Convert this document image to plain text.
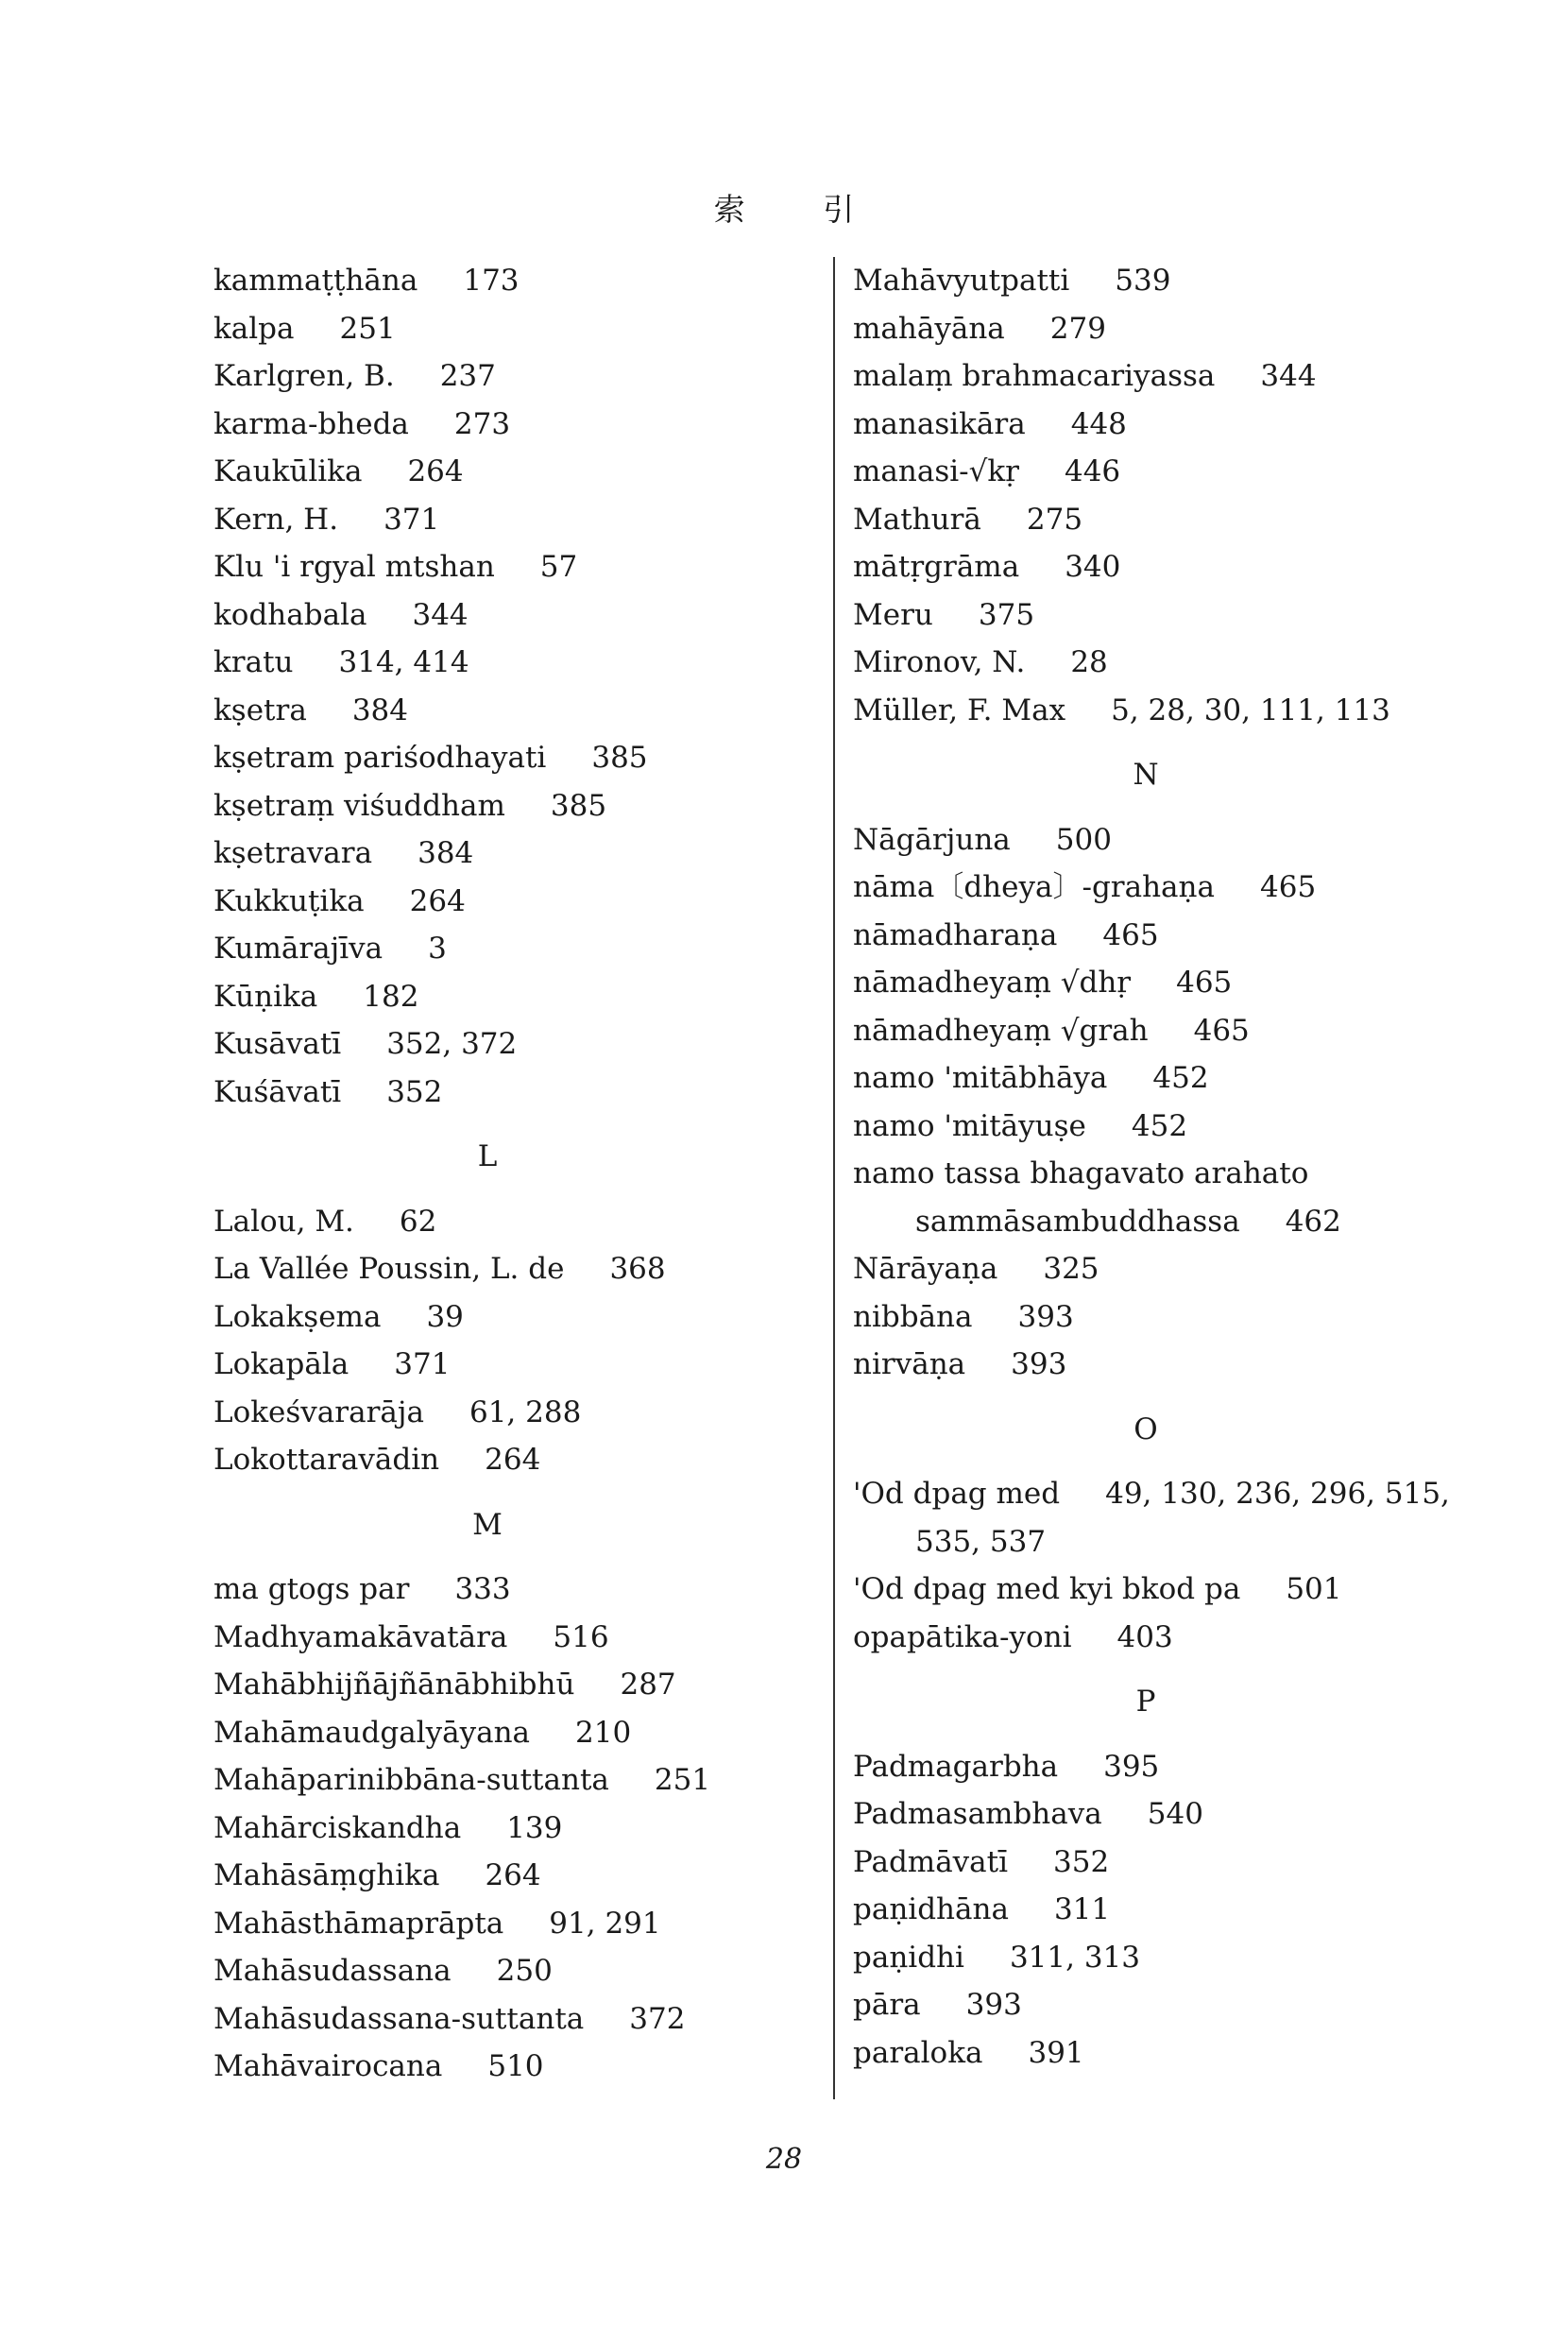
索	引
kammaṭṭhāna 173
kalpa 251
Karlgren, B. 237
karma-bheda 273
Kaukūlika 264
Kern, H. 371
Klu 'i rgyal mtshan 57
kodhabala 344
kratu 314, 414
kṣetra 384
kṣetram pariśodhayati 385
kṣetraṃ viśuddham 385
kṣetravara 384
Kukkuṭika 264
Kumārajīva 3
Kūṇika 182
Kusāvatī 352, 372
Kuśāvatī 352
L
Lalou, M. 62
La Vallée Poussin, L. de 368
Lokakṣema 39
Lokapāla 371
Lokeśvararāja 61, 288
Lokottaravādin 264
M
ma gtogs par 333
Madhyamakāvatāra 516
Mahābhijñājñānābhibhū 287
Mahāmaudgalyāyana 210
Mahāparinibbāna-suttanta 251
Mahārciskandha 139
Mahāsāṃghika 264
Mahāsthāmaprāpta 91, 291
Mahāsudassana 250
Mahāsudassana-suttanta 372
Mahāvairocana 510
Mahāvyutpatti 539
mahāyāna 279
malaṃ brahmacariyassa 344
manasikāra 448
manasi-√kṛ 446
Mathurā 275
mātṛgrāma 340
Meru 375
Mironov, N. 28
Müller, F. Max 5, 28, 30, 111, 113
N
Nāgārjuna 500
nāma〔dheya〕-grahaṇa 465
nāmadharaṇa 465
nāmadheyaṃ √dhṛ 465
nāmadheyaṃ √grah 465
namo 'mitābhāya 452
namo 'mitāyuṣe 452
namo tassa bhagavato arahato
sammāsambuddhassa 462
Nārāyaṇa 325
nibbāna 393
nirvāṇa 393
O
'Od dpag med 49, 130, 236, 296, 515,
535, 537
'Od dpag med kyi bkod pa 501
opapātika-yoni 403
P
Padmagarbha 395
Padmasambhava 540
Padmāvatī 352
paṇidhāna 311
paṇidhi 311, 313
pāra 393
paraloka 391
28
